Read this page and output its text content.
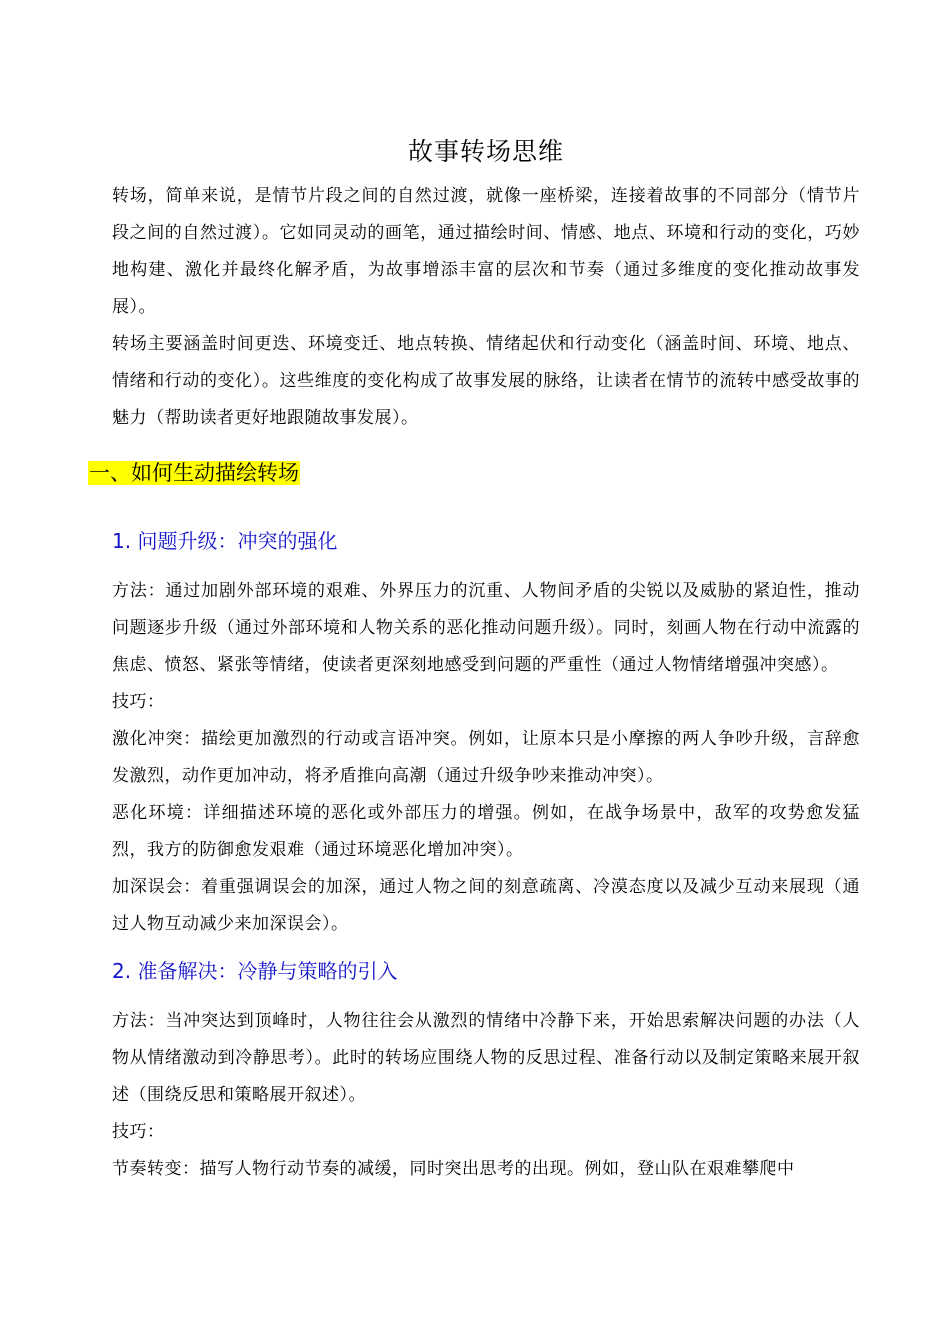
故事转场思维

转场，简单来说，是情节片段之间的自然过渡，就像一座桥梁，连接着故事的不同部分（情节片段之间的自然过渡）。它如同灵动的画笔，通过描绘时间、情感、地点、环境和行动的变化，巧妙地构建、激化并最终化解矛盾，为故事增添丰富的层次和节奏（通过多维度的变化推动故事发展）。

转场主要涵盖时间更迭、环境变迁、地点转换、情绪起伏和行动变化（涵盖时间、环境、地点、情绪和行动的变化）。这些维度的变化构成了故事发展的脉络，让读者在情节的流转中感受故事的魅力（帮助读者更好地跟随故事发展）。

一、如何生动描绘转场
1. 问题升级：冲突的强化

方法：通过加剧外部环境的艰难、外界压力的沉重、人物间矛盾的尖锐以及威胁的紧迫性，推动问题逐步升级（通过外部环境和人物关系的恶化推动问题升级）。同时，刻画人物在行动中流露的焦虑、愤怒、紧张等情绪，使读者更深刻地感受到问题的严重性（通过人物情绪增强冲突感）。

技巧：

激化冲突：描绘更加激烈的行动或言语冲突。例如，让原本只是小摩擦的两人争吵升级，言辞愈发激烈，动作更加冲动，将矛盾推向高潮（通过升级争吵来推动冲突）。

恶化环境：详细描述环境的恶化或外部压力的增强。例如，在战争场景中，敌军的攻势愈发猛烈，我方的防御愈发艰难（通过环境恶化增加冲突）。

加深误会：着重强调误会的加深，通过人物之间的刻意疏离、冷漠态度以及减少互动来展现（通过人物互动减少来加深误会）。

2. 准备解决：冷静与策略的引入

方法：当冲突达到顶峰时，人物往往会从激烈的情绪中冷静下来，开始思索解决问题的办法（人物从情绪激动到冷静思考）。此时的转场应围绕人物的反思过程、准备行动以及制定策略来展开叙述（围绕反思和策略展开叙述）。

技巧：

节奏转变：描写人物行动节奏的减缓，同时突出思考的出现。例如，登山队在艰难攀爬中
